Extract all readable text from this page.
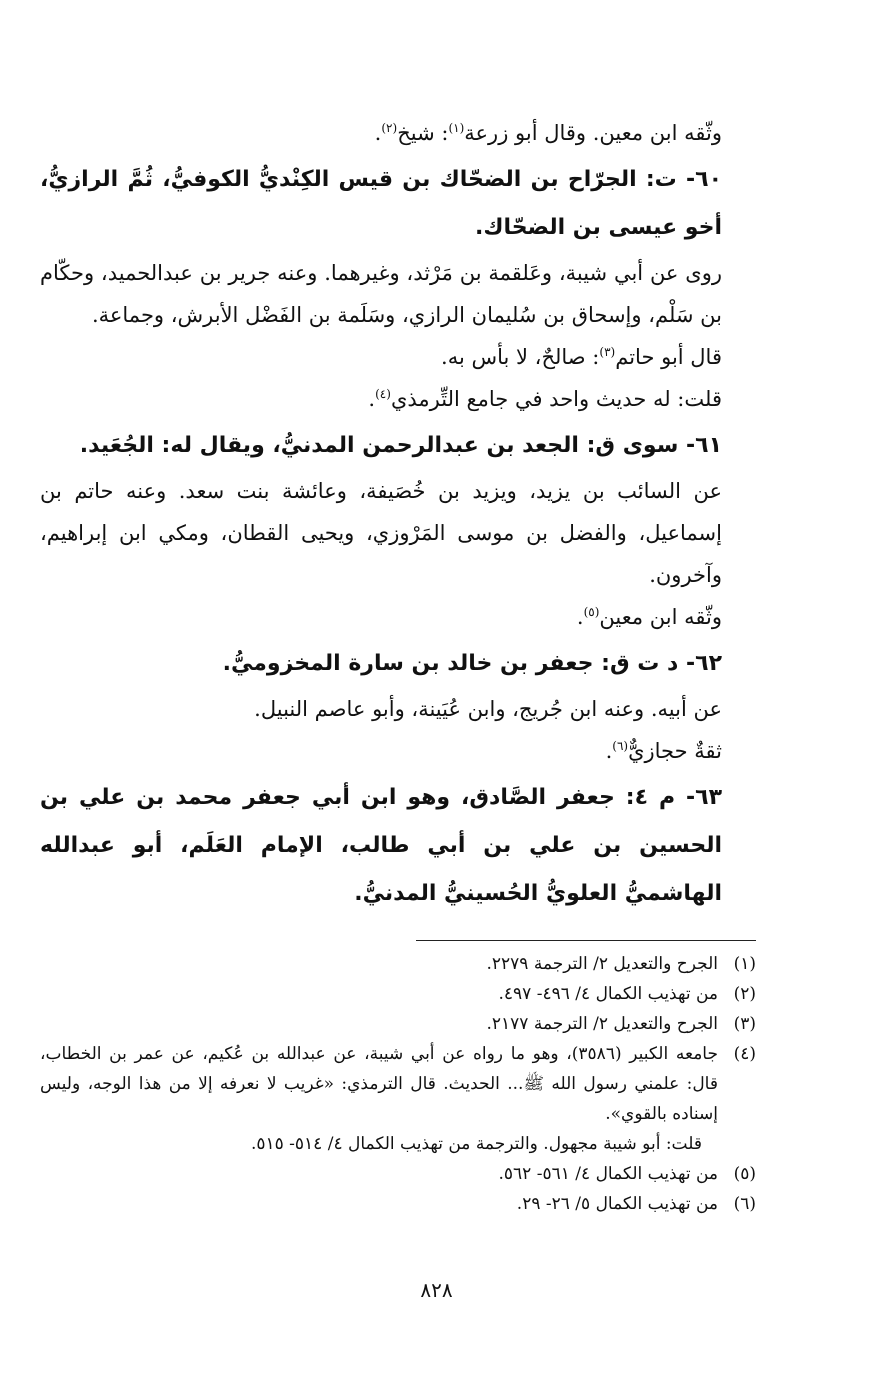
وثّقه ابن معين. وقال أبو زرعة$^{(١)}$: شيخ$^{(٢)}$.

٦٠- ت: الجرّاح بن الضحّاك بن قيس الكِنْديُّ الكوفيُّ، ثُمَّ الرازيُّ، أخو عيسى بن الضحّاك.

روى عن أبي شيبة، وعَلقمة بن مَرْثد، وغيرهما. وعنه جرير بن عبدالحميد، وحكّام بن سَلْم، وإسحاق بن سُليمان الرازي، وسَلَمة بن الفَضْل الأبرش، وجماعة.

قال أبو حاتم$^{(٣)}$: صالحٌ، لا بأس به.

قلت: له حديث واحد في جامع التِّرمذي$^{(٤)}$.

٦١- سوى ق: الجعد بن عبدالرحمن المدنيُّ، ويقال له: الجُعَيد.

عن السائب بن يزيد، ويزيد بن خُصَيفة، وعائشة بنت سعد. وعنه حاتم بن إسماعيل، والفضل بن موسى المَرْوزي، ويحيى القطان، ومكي ابن إبراهيم، وآخرون.

وثّقه ابن معين$^{(٥)}$.

٦٢- د ت ق: جعفر بن خالد بن سارة المخزوميُّ.

عن أبيه. وعنه ابن جُريج، وابن عُيَينة، وأبو عاصم النبيل.

ثقةٌ حجازيٌّ$^{(٦)}$.

٦٣- م ٤: جعفر الصَّادق، وهو ابن أبي جعفر محمد بن علي بن الحسين بن علي بن أبي طالب، الإمام العَلَم، أبو عبدالله الهاشميُّ العلويُّ الحُسينيُّ المدنيُّ.

(١)
الجرح والتعديل ٢/ الترجمة ٢٢٧٩.
(٢)
من تهذيب الكمال ٤/ ٤٩٦- ٤٩٧.
(٣)
الجرح والتعديل ٢/ الترجمة ٢١٧٧.
(٤)
جامعه الكبير (٣٥٨٦)، وهو ما رواه عن أبي شيبة، عن عبدالله بن عُكيم، عن عمر بن الخطاب، قال: علمني رسول الله ﷺ... الحديث. قال الترمذي: «غريب لا نعرفه إلا من هذا الوجه، وليس إسناده بالقوي».
قلت: أبو شيبة مجهول. والترجمة من تهذيب الكمال ٤/ ٥١٤- ٥١٥.
(٥)
من تهذيب الكمال ٤/ ٥٦١- ٥٦٢.
(٦)
من تهذيب الكمال ٥/ ٢٦- ٢٩.
٨٢٨
